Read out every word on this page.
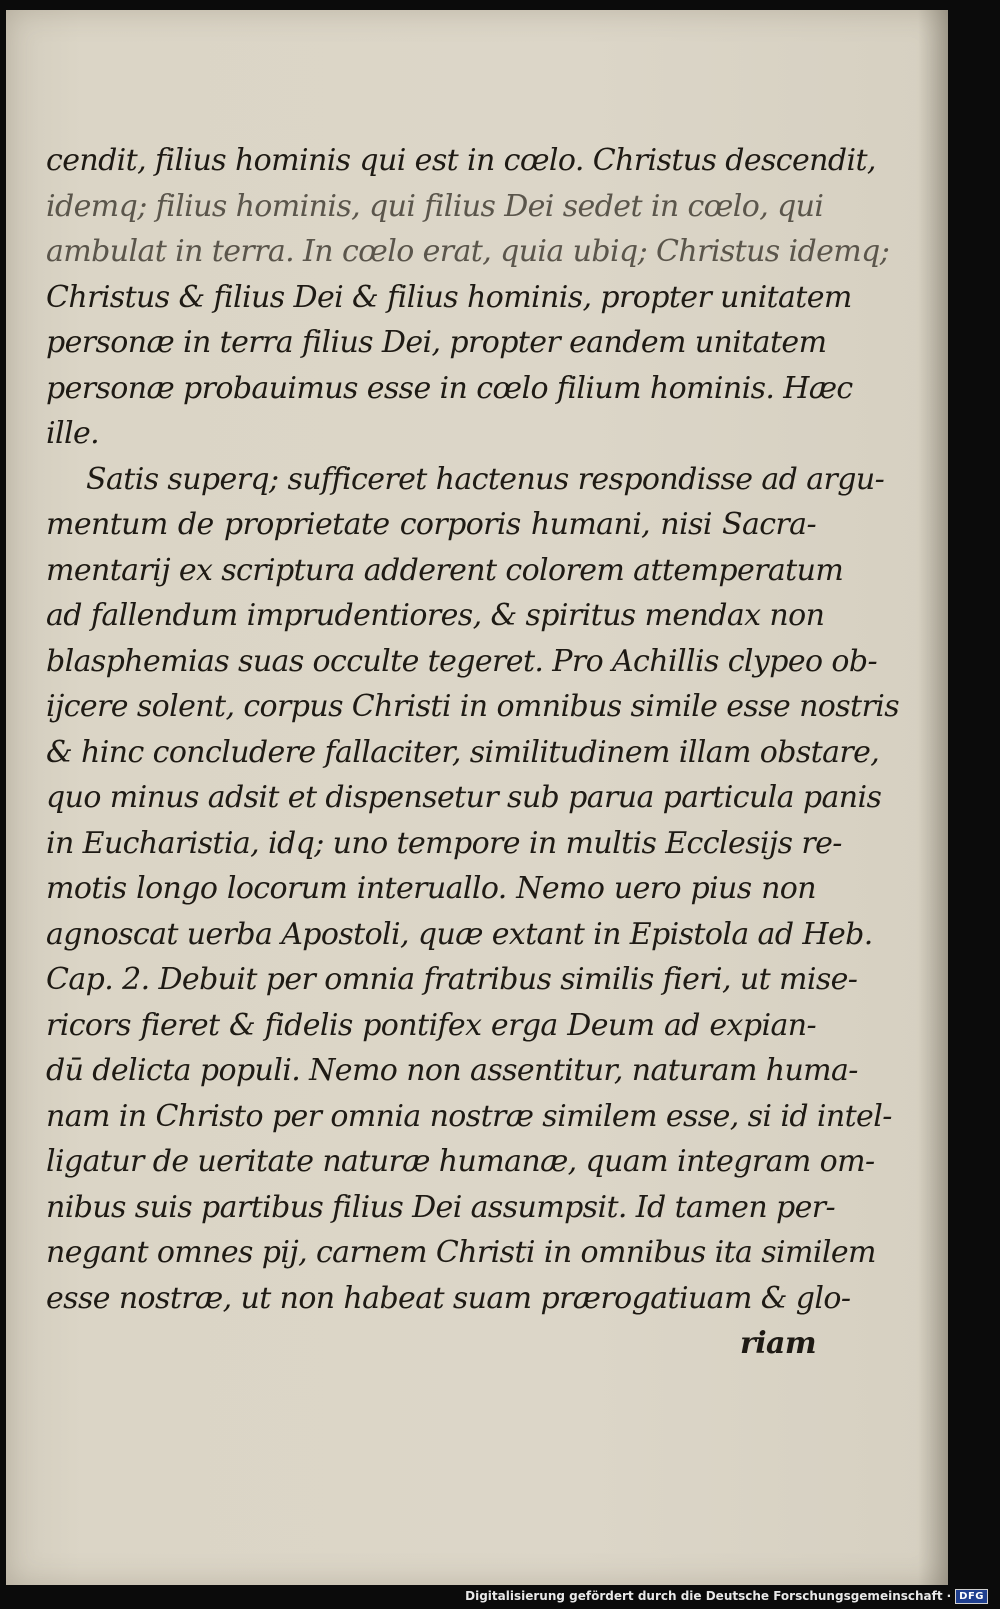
cendit, filius hominis qui est in cœlo. Christus descendit,
idemq; filius hominis, qui filius Dei sedet in cœlo, qui
ambulat in terra. In cœlo erat, quia ubiq; Christus idemq;
Christus & filius Dei & filius hominis, propter unitatem
personæ in terra filius Dei, propter eandem unitatem
personæ probauimus esse in cœlo filium hominis. Hæc
ille.
Satis superq; sufficeret hactenus respondisse ad argu-
mentum de proprietate corporis humani, nisi Sacra-
mentarij ex scriptura adderent colorem attemperatum
ad fallendum imprudentiores, & spiritus mendax non
blasphemias suas occulte tegeret. Pro Achillis clypeo ob-
ijcere solent, corpus Christi in omnibus simile esse nostris
& hinc concludere fallaciter, similitudinem illam obstare,
quo minus adsit et dispensetur sub parua particula panis
in Eucharistia, idq; uno tempore in multis Ecclesijs re-
motis longo locorum interuallo. Nemo uero pius non
agnoscat uerba Apostoli, quæ extant in Epistola ad Heb.
Cap. 2. Debuit per omnia fratribus similis fieri, ut mise-
ricors fieret & fidelis pontifex erga Deum ad expian-
dū delicta populi. Nemo non assentitur, naturam huma-
nam in Christo per omnia nostræ similem esse, si id intel-
ligatur de ueritate naturæ humanæ, quam integram om-
nibus suis partibus filius Dei assumpsit. Id tamen per-
negant omnes pij, carnem Christi in omnibus ita similem
esse nostræ, ut non habeat suam prærogatiuam & glo-
riam
Digitalisierung gefördert durch die Deutsche Forschungsgemeinschaft · DFG
